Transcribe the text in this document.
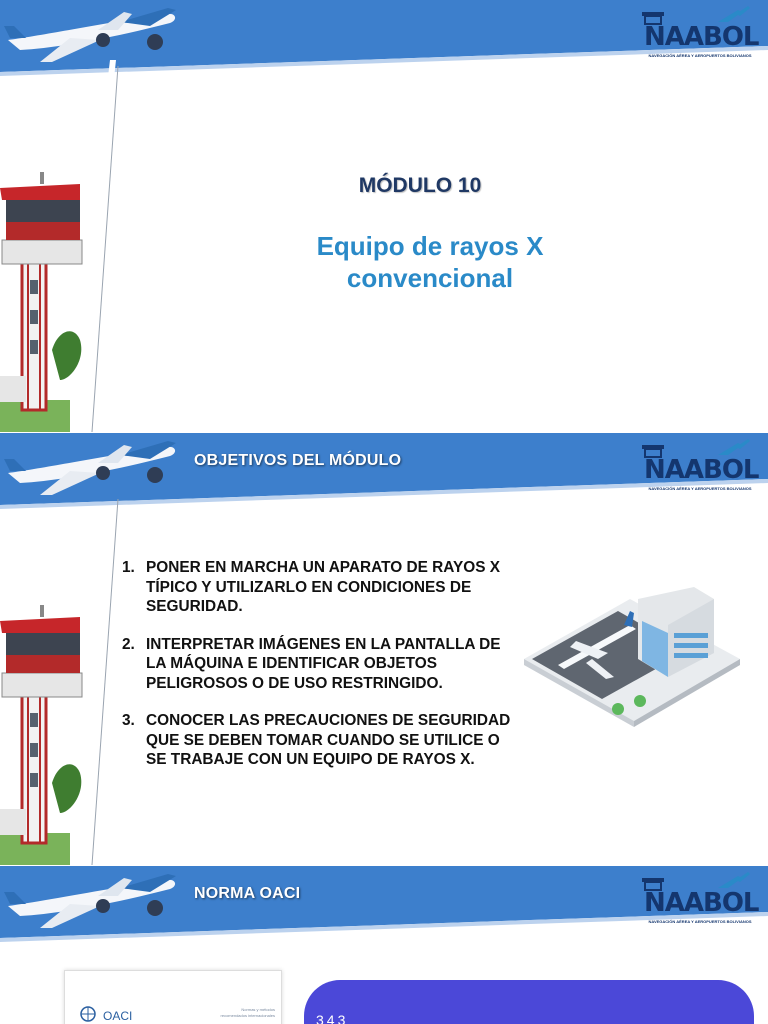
NAABOL
NAVEGACIÓN AÉREA Y AEROPUERTOS BOLIVIANOS
MÓDULO 10
Equipo de rayos X
convencional
OBJETIVOS DEL MÓDULO	NAABOL
NAVEGACIÓN AÉREA Y AEROPUERTOS BOLIVIANOS
1. PONER EN MARCHA UN APARATO DE RAYOS X TÍPICO Y UTILIZARLO EN CONDICIONES DE SEGURIDAD.
2. INTERPRETAR IMÁGENES EN LA PANTALLA DE LA MÁQUINA E IDENTIFICAR OBJETOS PELIGROSOS O DE USO RESTRINGIDO.
3. CONOCER LAS PRECAUCIONES DE SEGURIDAD QUE SE DEBEN TOMAR CUANDO SE UTILICE O SE TRABAJE CON UN EQUIPO DE RAYOS X.
NORMA OACI	NAABOL
NAVEGACIÓN AÉREA Y AEROPUERTOS BOLIVIANOS
OACI	Normas y métodos recomendados internacionales	343
